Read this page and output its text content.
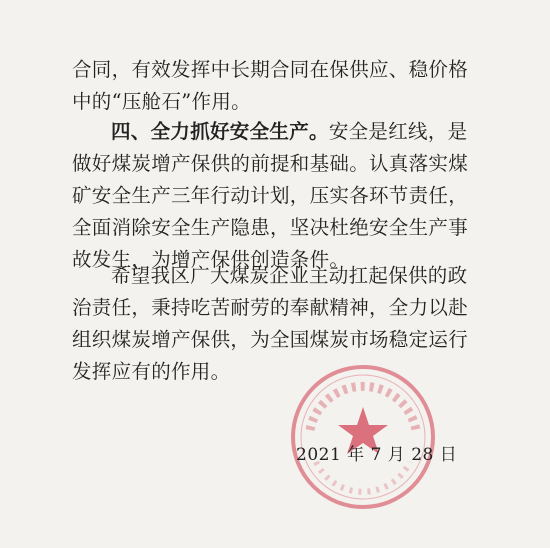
合同，有效发挥中长期合同在保供应、稳价格中的“压舱石”作用。

四、全力抓好安全生产。安全是红线，是做好煤炭增产保供的前提和基础。认真落实煤矿安全生产三年行动计划，压实各环节责任，全面消除安全生产隐患，坚决杜绝安全生产事故发生，为增产保供创造条件。

希望我区广大煤炭企业主动扛起保供的政治责任，秉持吃苦耐劳的奉献精神，全力以赴组织煤炭增产保供，为全国煤炭市场稳定运行发挥应有的作用。

2021 年 7 月 28 日
